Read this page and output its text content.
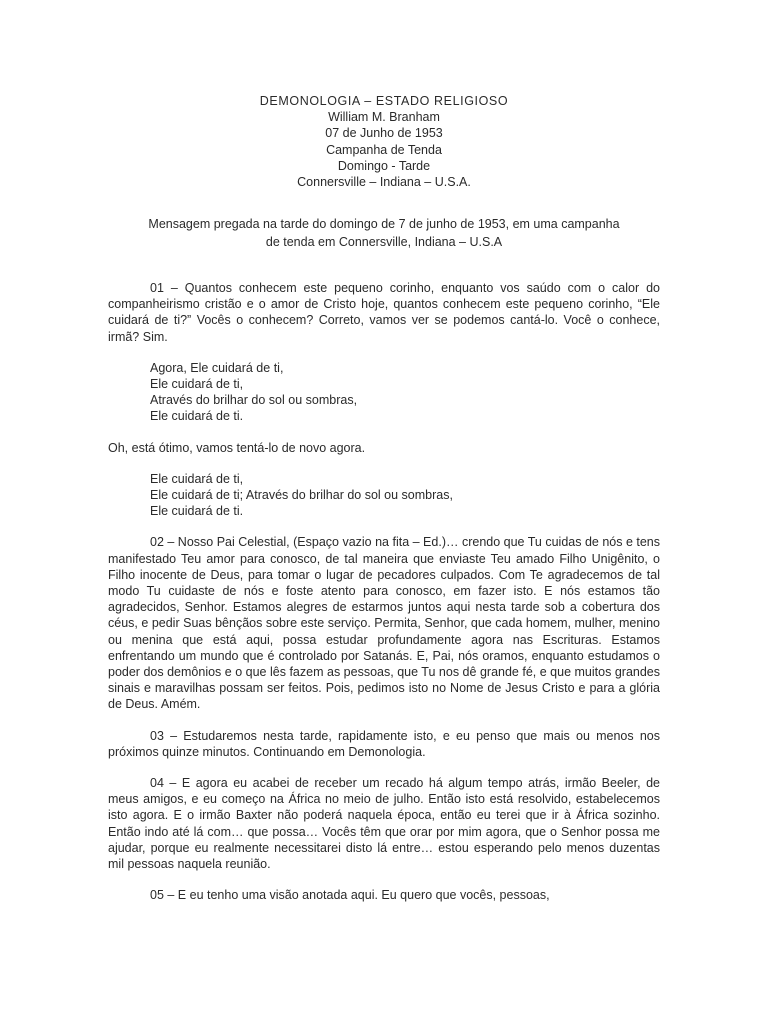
DEMONOLOGIA – ESTADO RELIGIOSO
William M. Branham
07 de Junho de 1953
Campanha de Tenda
Domingo - Tarde
Connersville – Indiana – U.S.A.
Mensagem pregada na tarde do domingo de 7 de junho de 1953, em uma campanha
de tenda em Connersville, Indiana – U.S.A

01 – Quantos conhecem este pequeno corinho, enquanto vos saúdo com o calor do companheirismo cristão e o amor de Cristo hoje, quantos conhecem este pequeno corinho, “Ele cuidará de ti?” Vocês o conhecem? Correto, vamos ver se podemos cantá-lo. Você o conhece, irmã? Sim.

Agora, Ele cuidará de ti,
Ele cuidará de ti,
Através do brilhar do sol ou sombras,
Ele cuidará de ti.

Oh, está ótimo, vamos tentá-lo de novo agora.

Ele cuidará de ti,
Ele cuidará de ti; Através do brilhar do sol ou sombras,
Ele cuidará de ti.

02 – Nosso Pai Celestial, (Espaço vazio na fita – Ed.)… crendo que Tu cuidas de nós e tens manifestado Teu amor para conosco, de tal maneira que enviaste Teu amado Filho Unigênito, o Filho inocente de Deus, para tomar o lugar de pecadores culpados. Com Te agradecemos de tal modo Tu cuidaste de nós e foste atento para conosco, em fazer isto. E nós estamos tão agradecidos, Senhor. Estamos alegres de estarmos juntos aqui nesta tarde sob a cobertura dos céus, e pedir Suas bênçãos sobre este serviço. Permita, Senhor, que cada homem, mulher, menino ou menina que está aqui, possa estudar profundamente agora nas Escrituras. Estamos enfrentando um mundo que é controlado por Satanás. E, Pai, nós oramos, enquanto estudamos o poder dos demônios e o que lês fazem as pessoas, que Tu nos dê grande fé, e que muitos grandes sinais e maravilhas possam ser feitos. Pois, pedimos isto no Nome de Jesus Cristo e para a glória de Deus. Amém.

03 – Estudaremos nesta tarde, rapidamente isto, e eu penso que mais ou menos nos próximos quinze minutos. Continuando em Demonologia.

04 – E agora eu acabei de receber um recado há algum tempo atrás, irmão Beeler, de meus amigos, e eu começo na África no meio de julho. Então isto está resolvido, estabelecemos isto agora. E o irmão Baxter não poderá naquela época, então eu terei que ir à África sozinho. Então indo até lá com… que possa… Vocês têm que orar por mim agora, que o Senhor possa me ajudar, porque eu realmente necessitarei disto lá entre… estou esperando pelo menos duzentas mil pessoas naquela reunião.

05 – E eu tenho uma visão anotada aqui. Eu quero que vocês, pessoas,
